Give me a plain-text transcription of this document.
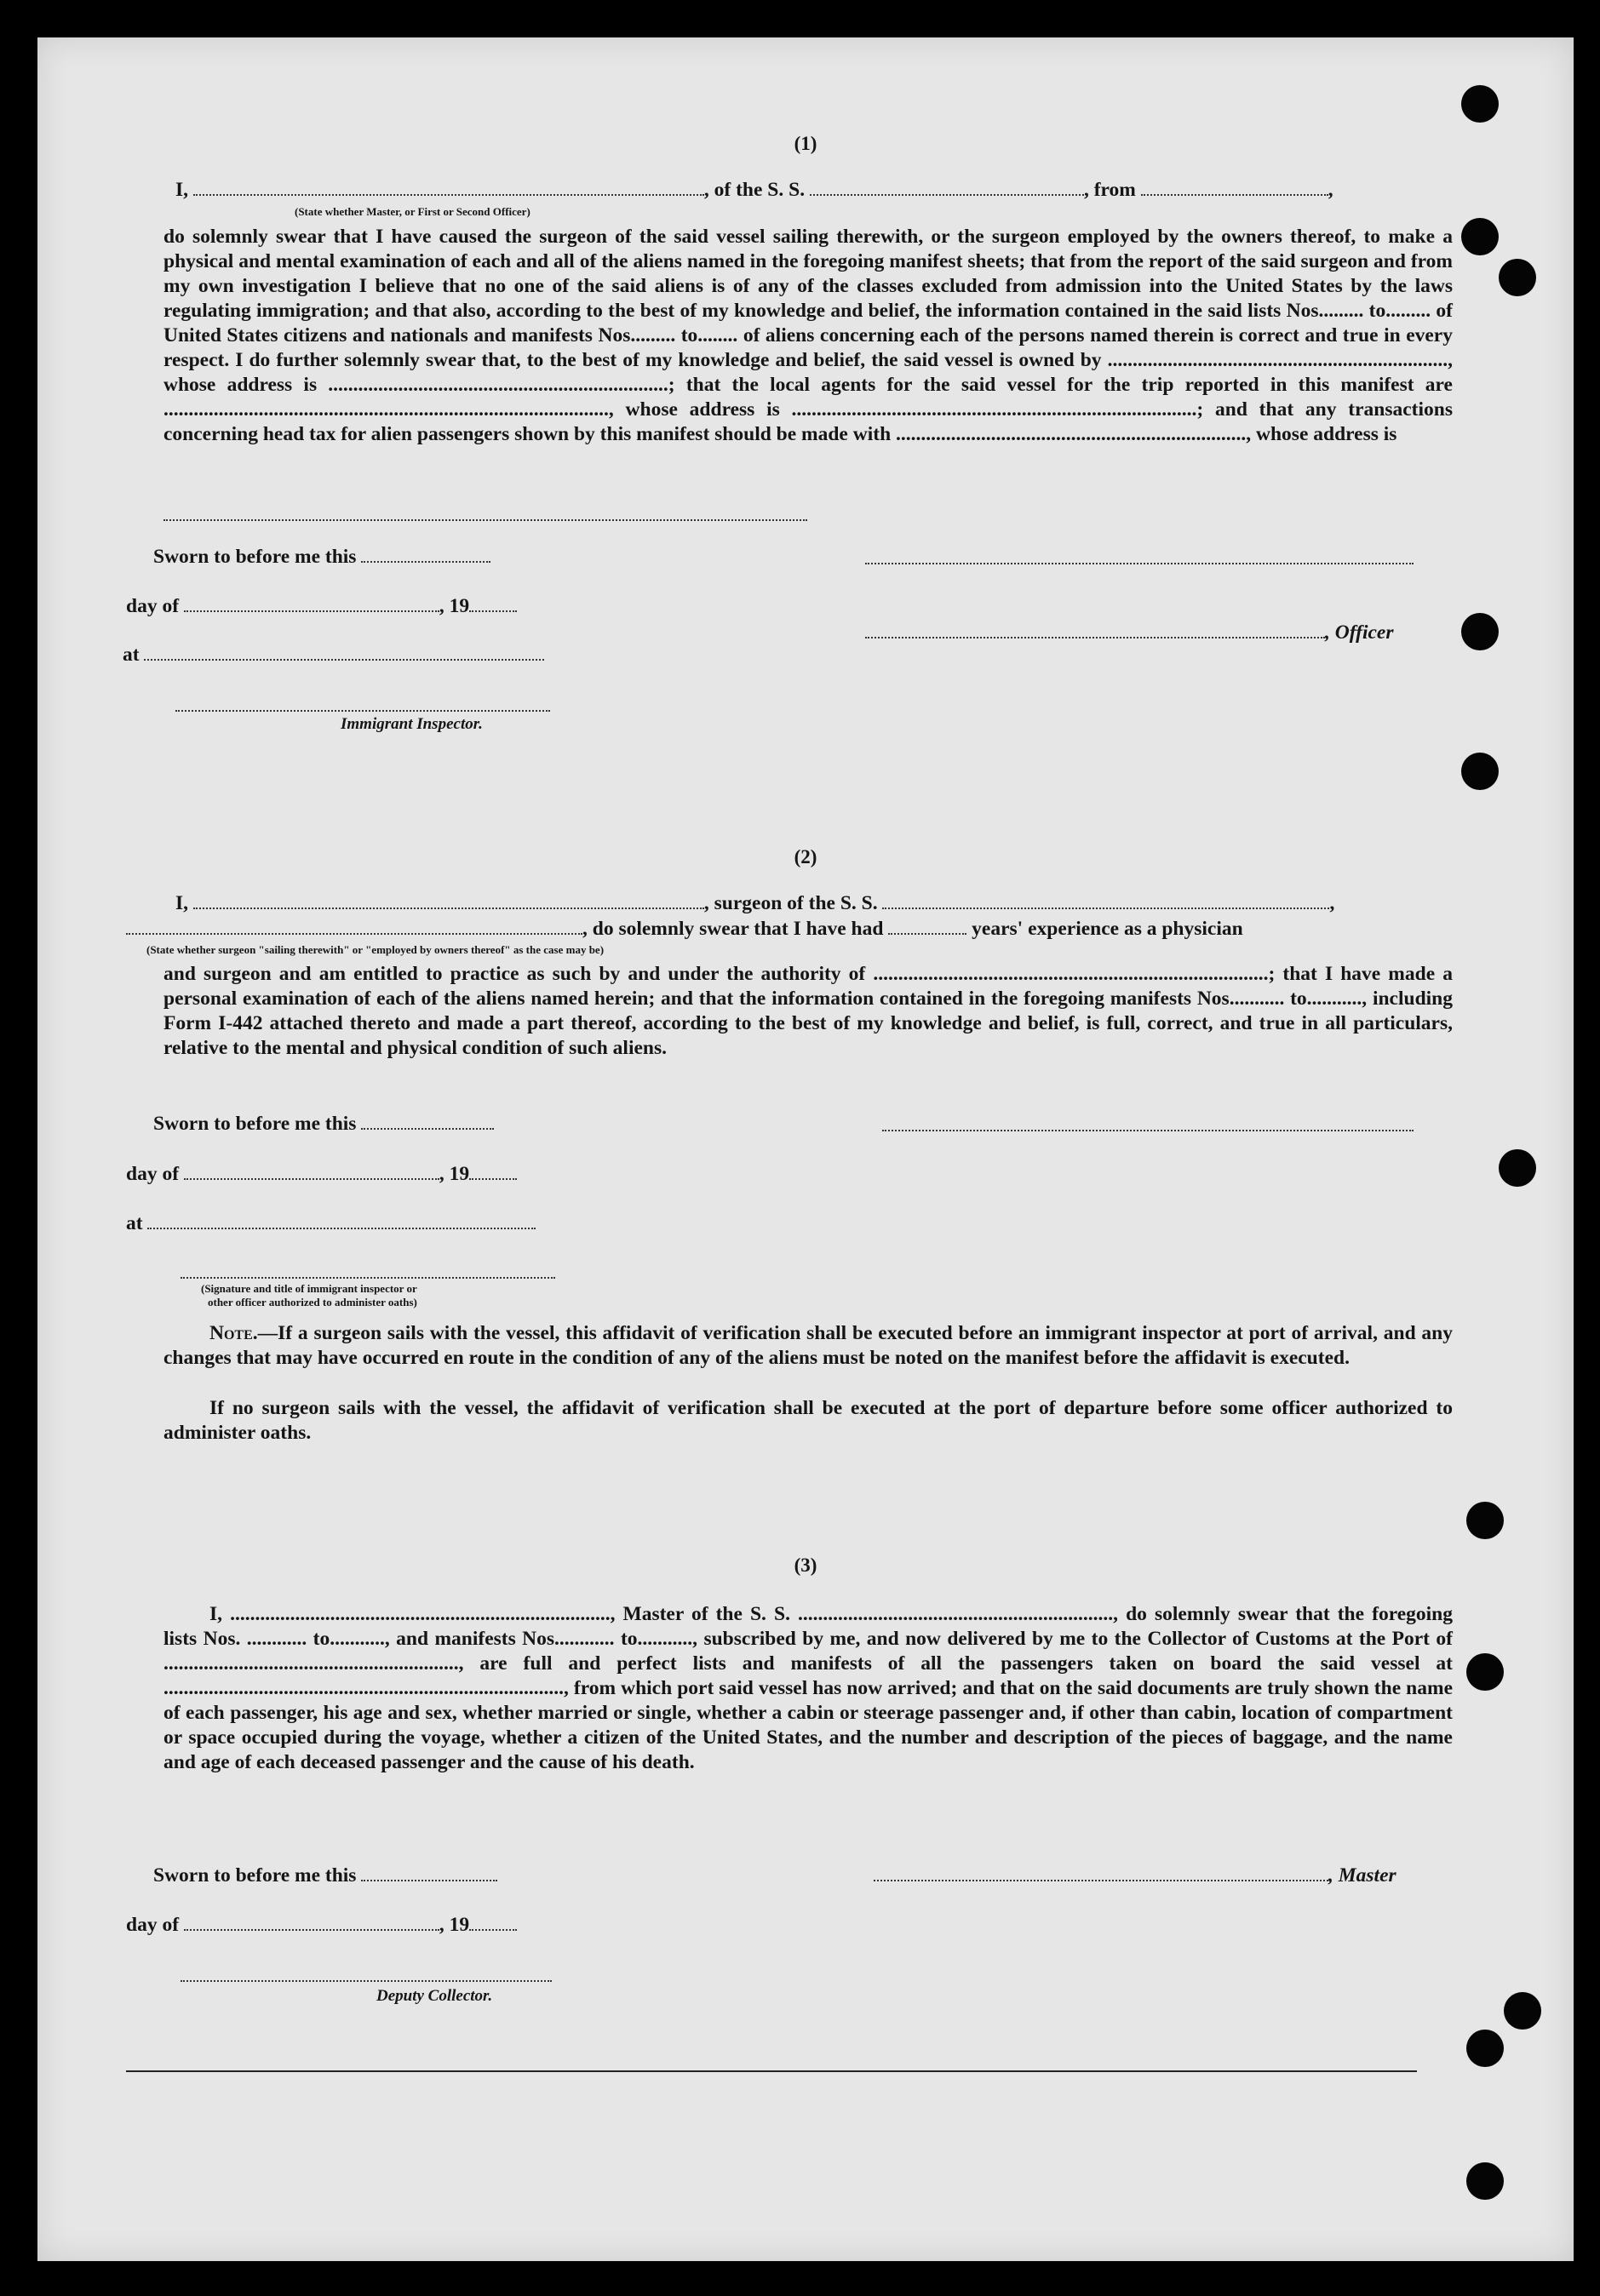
(1)
I,	, of the S. S.	, from	,
(State whether Master, or First or Second Officer)
do solemnly swear that I have caused the surgeon of the said vessel sailing therewith, or the surgeon employed by the owners thereof, to make a physical and mental examination of each and all of the aliens named in the foregoing manifest sheets; that from the report of the said surgeon and from my own investigation I believe that no one of the said aliens is of any of the classes excluded from admission into the United States by the laws regulating immigration; and that also, according to the best of my knowledge and belief, the information contained in the said lists Nos......... to......... of United States citizens and nationals and manifests Nos......... to........ of aliens concerning each of the persons named therein is correct and true in every respect. I do further solemnly swear that, to the best of my knowledge and belief, the said vessel is owned by ...................................................................., whose address is ....................................................................; that the local agents for the said vessel for the trip reported in this manifest are ........................................................................................., whose address is .................................................................................; and that any transactions concerning head tax for alien passengers shown by this manifest should be made with ......................................................................, whose address is
Sworn to before me this
day of	, 19
, Officer
at
Immigrant Inspector.
(2)
I,	, surgeon of the S. S.	,
, do solemnly swear that I have had	years' experience as a physician
(State whether surgeon "sailing therewith" or "employed by owners thereof" as the case may be)
and surgeon and am entitled to practice as such by and under the authority of ...............................................................................; that I have made a personal examination of each of the aliens named herein; and that the information contained in the foregoing manifests Nos........... to..........., including Form I-442 attached thereto and made a part thereof, according to the best of my knowledge and belief, is full, correct, and true in all particulars, relative to the mental and physical condition of such aliens.
Sworn to before me this
day of	, 19
at
(Signature and title of immigrant inspector or
other officer authorized to administer oaths)
Note.—If a surgeon sails with the vessel, this affidavit of verification shall be executed before an immigrant inspector at port of arrival, and any changes that may have occurred en route in the condition of any of the aliens must be noted on the manifest before the affidavit is executed.
If no surgeon sails with the vessel, the affidavit of verification shall be executed at the port of departure before some officer authorized to administer oaths.
(3)
I, ............................................................................, Master of the S. S. ..............................................................., do solemnly swear that the foregoing lists Nos. ............ to..........., and manifests Nos............ to..........., subscribed by me, and now delivered by me to the Collector of Customs at the Port of ..........................................................., are full and perfect lists and manifests of all the passengers taken on board the said vessel at ................................................................................, from which port said vessel has now arrived; and that on the said documents are truly shown the name of each passenger, his age and sex, whether married or single, whether a cabin or steerage passenger and, if other than cabin, location of compartment or space occupied during the voyage, whether a citizen of the United States, and the number and description of the pieces of baggage, and the name and age of each deceased passenger and the cause of his death.
Sworn to before me this	, Master
day of	, 19
Deputy Collector.
